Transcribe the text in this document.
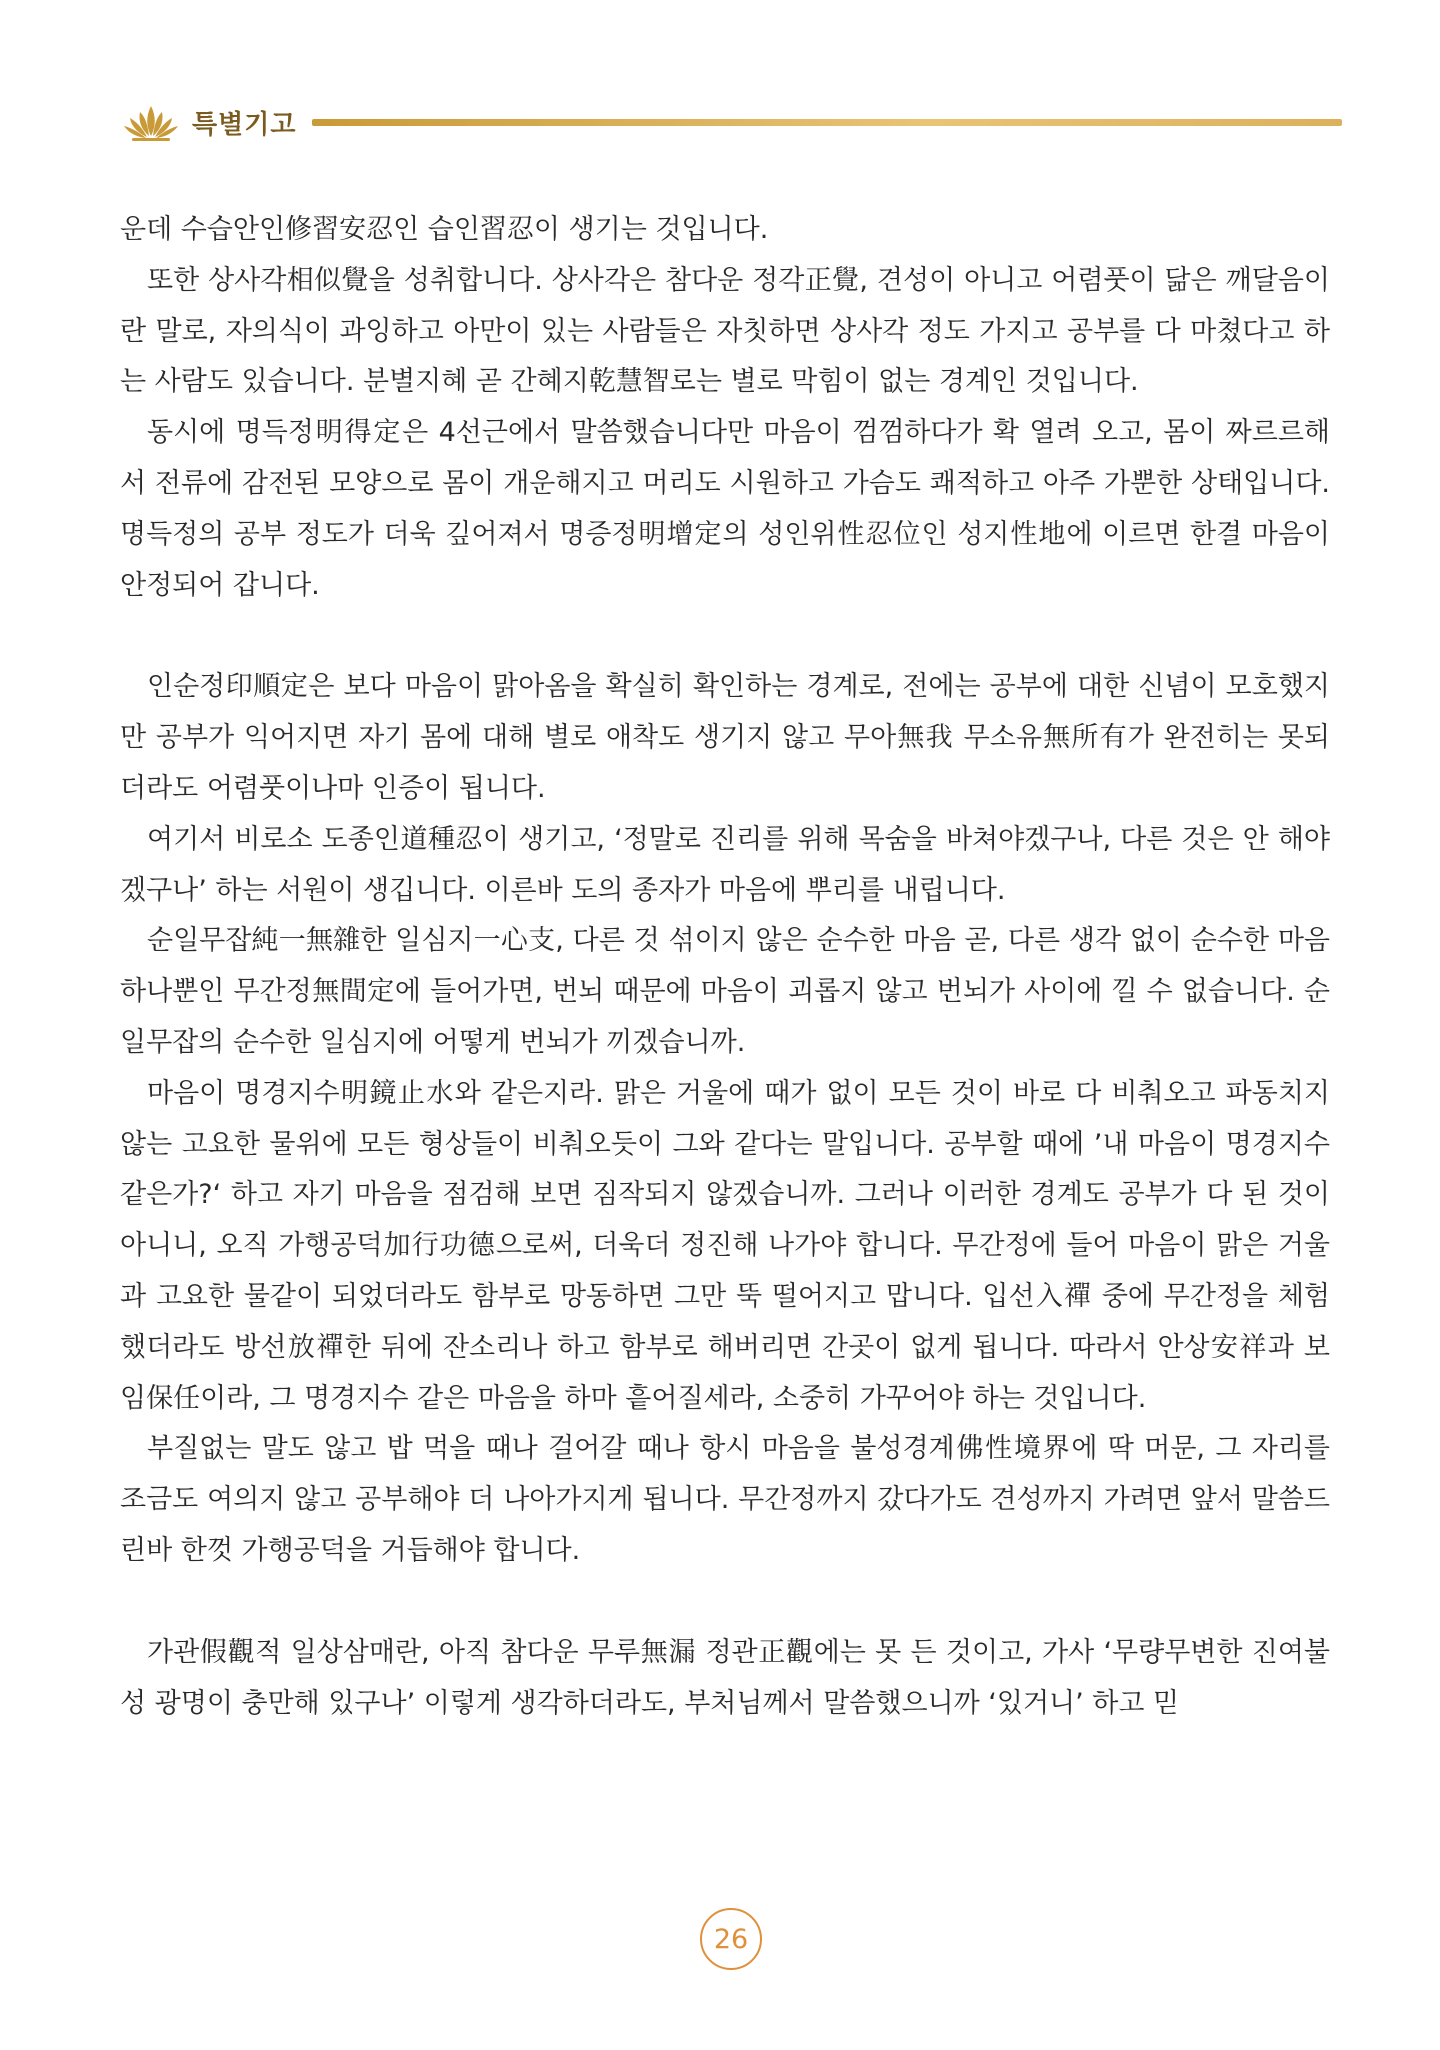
특별기고

운데 수습안인修習安忍인 습인習忍이 생기는 것입니다.

또한 상사각相似覺을 성취합니다. 상사각은 참다운 정각正覺, 견성이 아니고 어렴풋이 닮은 깨달음이란 말로, 자의식이 과잉하고 아만이 있는 사람들은 자칫하면 상사각 정도 가지고 공부를 다 마쳤다고 하는 사람도 있습니다. 분별지혜 곧 간혜지乾慧智로는 별로 막힘이 없는 경계인 것입니다.

동시에 명득정明得定은 4선근에서 말씀했습니다만 마음이 껌껌하다가 확 열려 오고, 몸이 짜르르해서 전류에 감전된 모양으로 몸이 개운해지고 머리도 시원하고 가슴도 쾌적하고 아주 가뿐한 상태입니다. 명득정의 공부 정도가 더욱 깊어져서 명증정明增定의 성인위性忍位인 성지性地에 이르면 한결 마음이 안정되어 갑니다.

인순정印順定은 보다 마음이 맑아옴을 확실히 확인하는 경계로, 전에는 공부에 대한 신념이 모호했지만 공부가 익어지면 자기 몸에 대해 별로 애착도 생기지 않고 무아無我 무소유無所有가 완전히는 못되더라도 어렴풋이나마 인증이 됩니다.

여기서 비로소 도종인道種忍이 생기고, ‘정말로 진리를 위해 목숨을 바쳐야겠구나, 다른 것은 안 해야겠구나’ 하는 서원이 생깁니다. 이른바 도의 종자가 마음에 뿌리를 내립니다.

순일무잡純一無雜한 일심지一心支, 다른 것 섞이지 않은 순수한 마음 곧, 다른 생각 없이 순수한 마음 하나뿐인 무간정無間定에 들어가면, 번뇌 때문에 마음이 괴롭지 않고 번뇌가 사이에 낄 수 없습니다. 순일무잡의 순수한 일심지에 어떻게 번뇌가 끼겠습니까.

마음이 명경지수明鏡止水와 같은지라. 맑은 거울에 때가 없이 모든 것이 바로 다 비춰오고 파동치지 않는 고요한 물위에 모든 형상들이 비춰오듯이 그와 같다는 말입니다. 공부할 때에 ’내 마음이 명경지수 같은가?‘ 하고 자기 마음을 점검해 보면 짐작되지 않겠습니까. 그러나 이러한 경계도 공부가 다 된 것이 아니니, 오직 가행공덕加行功德으로써, 더욱더 정진해 나가야 합니다. 무간정에 들어 마음이 맑은 거울과 고요한 물같이 되었더라도 함부로 망동하면 그만 뚝 떨어지고 맙니다. 입선入禪 중에 무간정을 체험했더라도 방선放禪한 뒤에 잔소리나 하고 함부로 해버리면 간곳이 없게 됩니다. 따라서 안상安祥과 보임保任이라, 그 명경지수 같은 마음을 하마 흩어질세라, 소중히 가꾸어야 하는 것입니다.

부질없는 말도 않고 밥 먹을 때나 걸어갈 때나 항시 마음을 불성경계佛性境界에 딱 머문, 그 자리를 조금도 여의지 않고 공부해야 더 나아가지게 됩니다. 무간정까지 갔다가도 견성까지 가려면 앞서 말씀드린바 한껏 가행공덕을 거듭해야 합니다.

가관假觀적 일상삼매란, 아직 참다운 무루無漏 정관正觀에는 못 든 것이고, 가사 ‘무량무변한 진여불성 광명이 충만해 있구나’ 이렇게 생각하더라도, 부처님께서 말씀했으니까 ‘있거니’ 하고 믿

26
